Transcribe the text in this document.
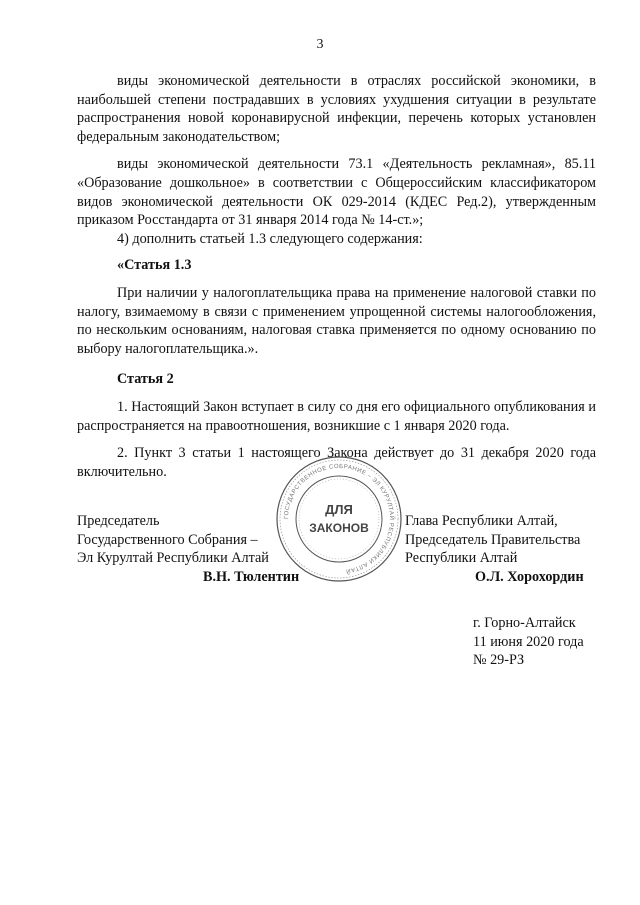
3

виды экономической деятельности в отраслях российской экономики, в наибольшей степени пострадавших в условиях ухудшения ситуации в результате распространения новой коронавирусной инфекции, перечень которых установлен федеральным законодательством;

виды экономической деятельности 73.1 «Деятельность рекламная», 85.11 «Образование дошкольное» в соответствии с Общероссийским классификатором видов экономической деятельности ОК 029-2014 (КДЕС Ред.2), утвержденным приказом Росстандарта от 31 января 2014 года № 14-ст.»;

4) дополнить статьей 1.3 следующего содержания:

«Статья 1.3

При наличии у налогоплательщика права на применение налоговой ставки по налогу, взимаемому в связи с применением упрощенной системы налогообложения, по нескольким основаниям, налоговая ставка применяется по одному основанию по выбору налогоплательщика.».

Статья 2

1. Настоящий Закон вступает в силу со дня его официального опубликования и распространяется на правоотношения, возникшие с 1 января 2020 года.

2. Пункт 3 статьи 1 настоящего Закона действует до 31 декабря 2020 года включительно.

Председатель
Государственного Собрания –
Эл Курултай Республики Алтай
В.Н. Тюлентин
Глава Республики Алтай,
Председатель Правительства
Республики Алтай
О.Л. Хорохордин
ГОСУДАРСТВЕННОЕ СОБРАНИЕ – ЭЛ КУРУЛТАЙ РЕСПУБЛИКИ АЛТАЙ
ДЛЯ
ЗАКОНОВ
г. Горно-Алтайск
11 июня 2020 года
№ 29-РЗ
